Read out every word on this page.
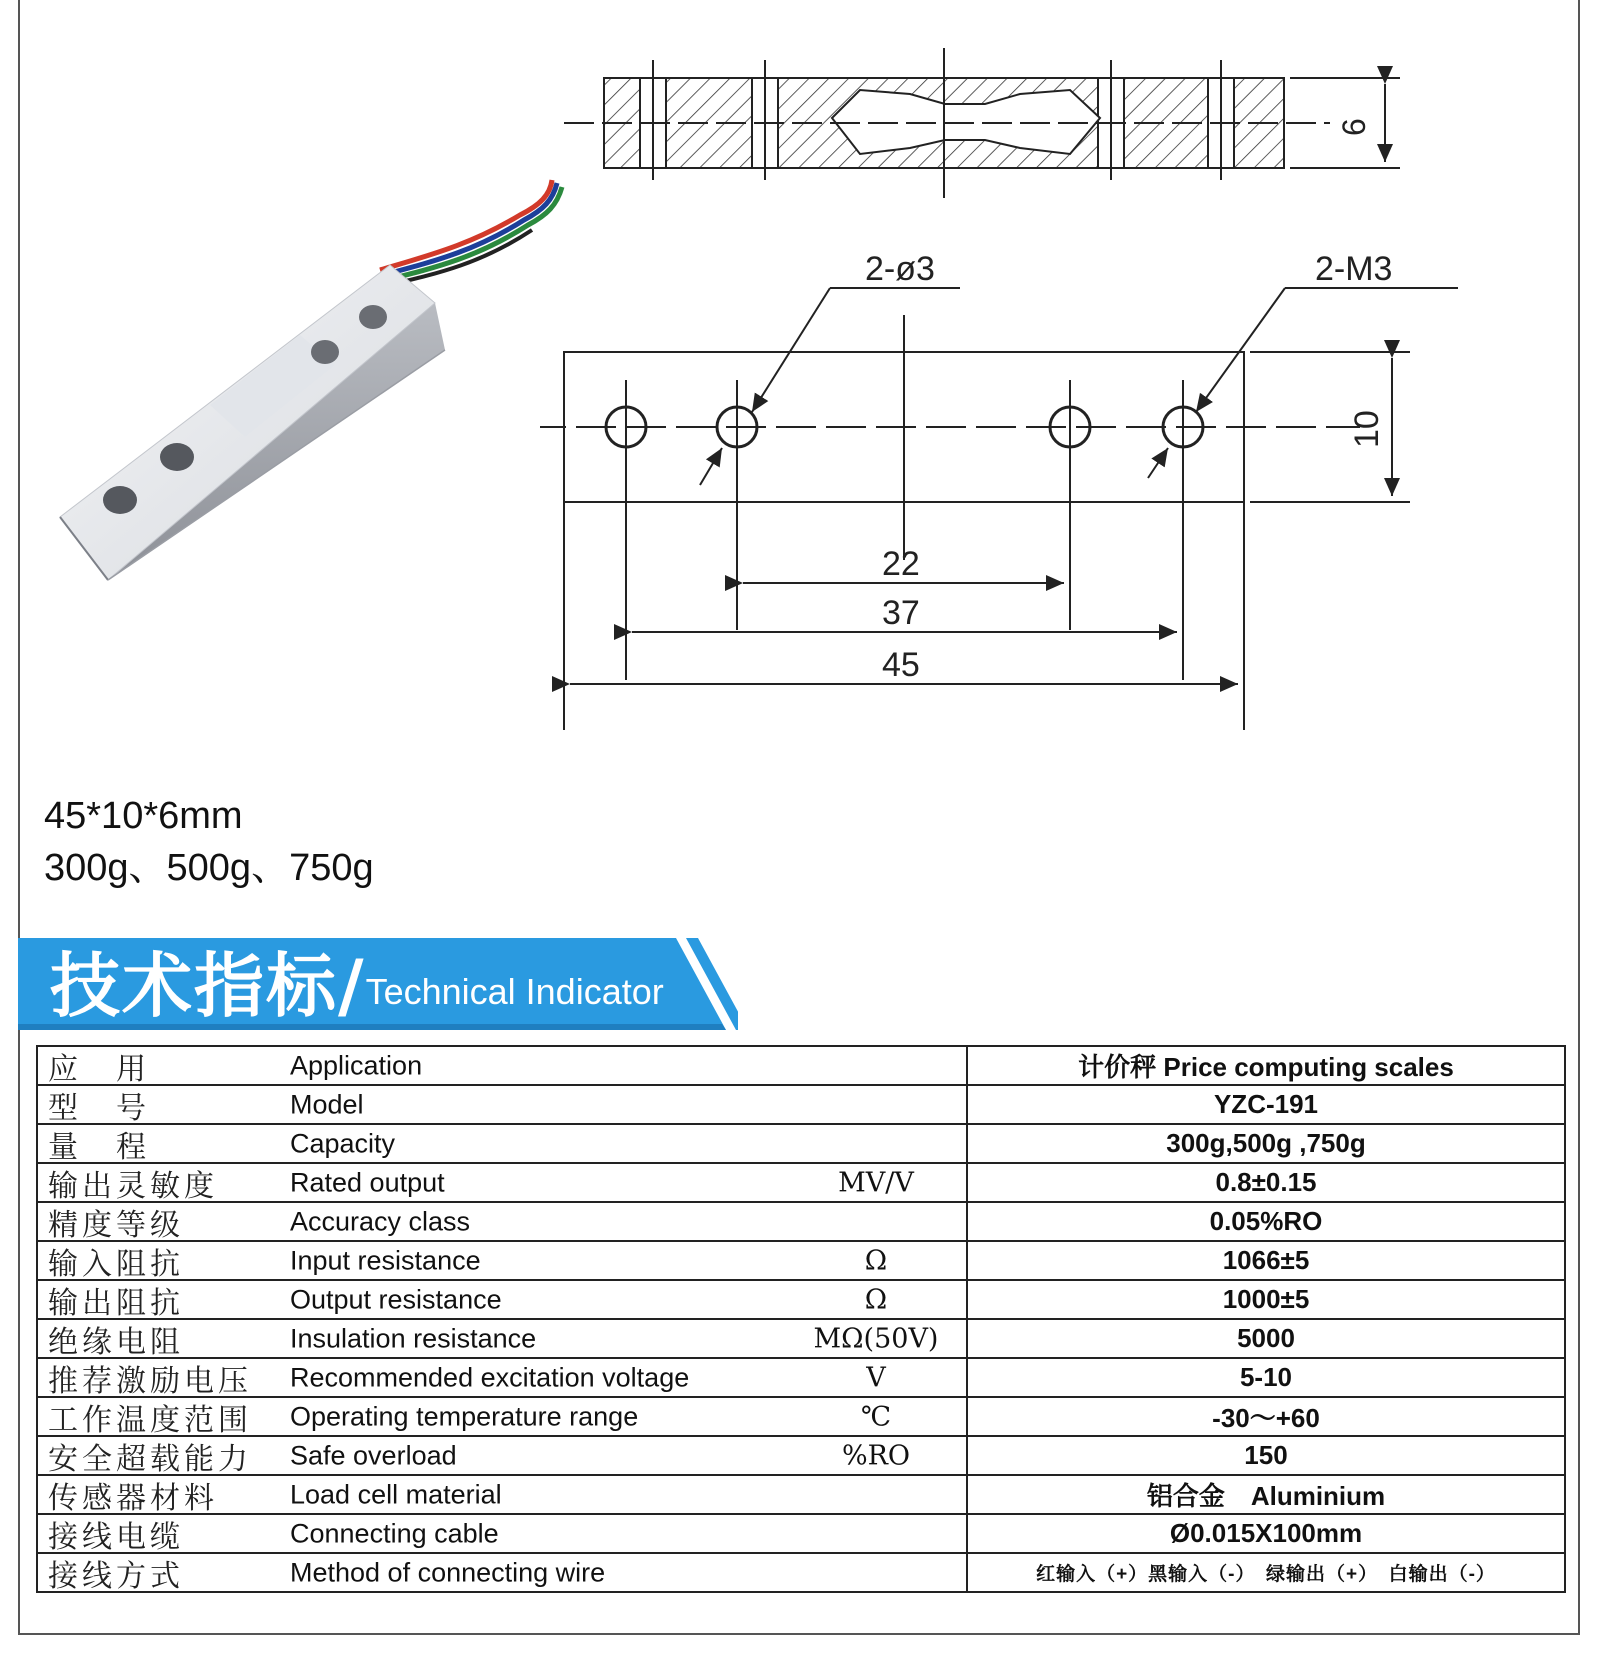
6
2-ø3	2-M3
22
37
45
10
45*10*6mm
300g、500g、750g
技术指标/ Technical Indicator
应　用 Application	计价秤 Price computing scales

型　号 Model	YZC-191

量　程 Capacity	300g,500g ,750g

输出灵敏度 Rated output MV/V	0.8±0.15

精度等级 Accuracy class	0.05%RO

输入阻抗 Input resistance Ω	1066±5

输出阻抗 Output resistance Ω	1000±5

绝缘电阻 Insulation resistance MΩ(50V)	5000

推荐激励电压 Recommended excitation voltage V	5-10

工作温度范围 Operating temperature range ℃	-30～+60

安全超载能力 Safe overload %RO	150

传感器材料 Load cell material	铝合金　Aluminium

接线电缆 Connecting cable	Ø0.015X100mm

接线方式 Method of connecting wire	红输入（+）黑输入（-）　绿输出（+）　白输出（-）
